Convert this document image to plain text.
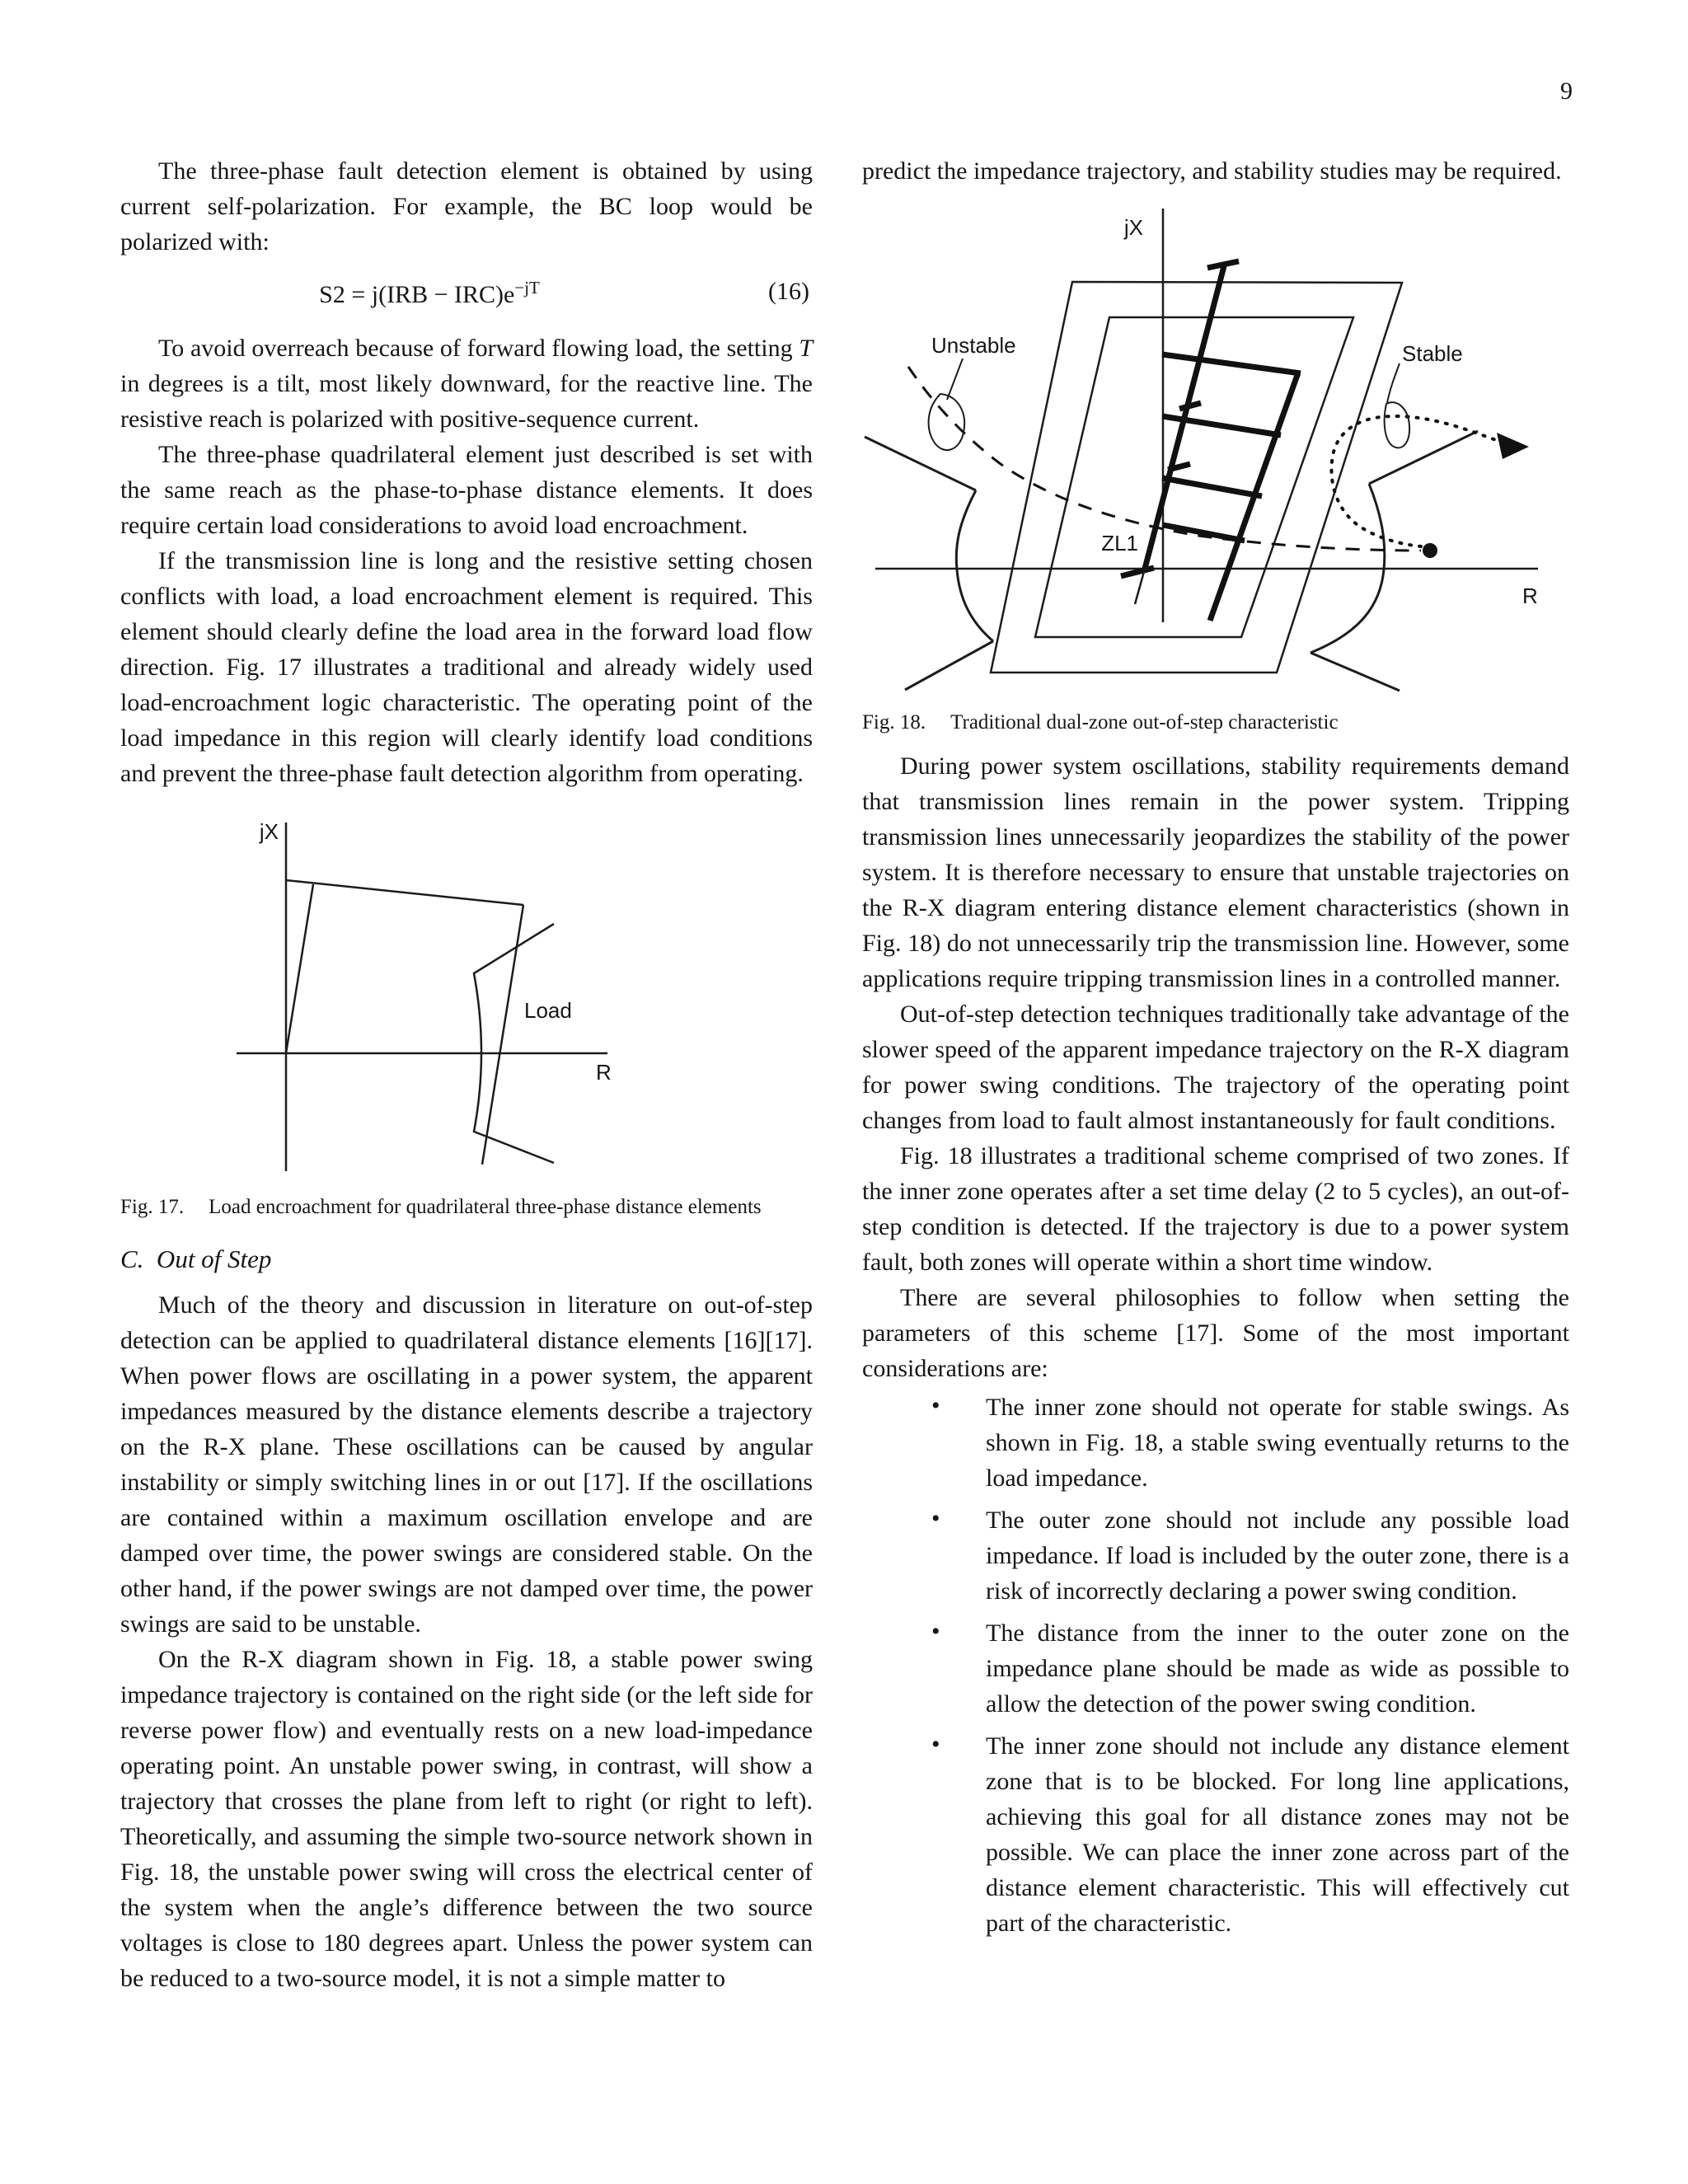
9

The three-phase fault detection element is obtained by using current self-polarization. For example, the BC loop would be polarized with:

$S2 = j(IRB - IRC)e^{-jT}$	(16)

To avoid overreach because of forward flowing load, the setting T in degrees is a tilt, most likely downward, for the reactive line. The resistive reach is polarized with positive-sequence current.

The three-phase quadrilateral element just described is set with the same reach as the phase-to-phase distance elements. It does require certain load considerations to avoid load encroachment.

If the transmission line is long and the resistive setting chosen conflicts with load, a load encroachment element is required. This element should clearly define the load area in the forward load flow direction. Fig. 17 illustrates a traditional and already widely used load-encroachment logic characteristic. The operating point of the load impedance in this region will clearly identify load conditions and prevent the three-phase fault detection algorithm from operating.

jX
R
Load
Fig. 17. Load encroachment for quadrilateral three-phase distance elements
C.  Out of Step

Much of the theory and discussion in literature on out-of-step detection can be applied to quadrilateral distance elements [16][17]. When power flows are oscillating in a power system, the apparent impedances measured by the distance elements describe a trajectory on the R-X plane. These oscillations can be caused by angular instability or simply switching lines in or out [17]. If the oscillations are contained within a maximum oscillation envelope and are damped over time, the power swings are considered stable. On the other hand, if the power swings are not damped over time, the power swings are said to be unstable.

On the R-X diagram shown in Fig. 18, a stable power swing impedance trajectory is contained on the right side (or the left side for reverse power flow) and eventually rests on a new load-impedance operating point. An unstable power swing, in contrast, will show a trajectory that crosses the plane from left to right (or right to left). Theoretically, and assuming the simple two-source network shown in Fig. 18, the unstable power swing will cross the electrical center of the system when the angle’s difference between the two source voltages is close to 180 degrees apart. Unless the power system can be reduced to a two-source model, it is not a simple matter to

predict the impedance trajectory, and stability studies may be required.

jX
R
ZL1
Unstable	Stable
Fig. 18. Traditional dual-zone out-of-step characteristic

During power system oscillations, stability requirements demand that transmission lines remain in the power system. Tripping transmission lines unnecessarily jeopardizes the stability of the power system. It is therefore necessary to ensure that unstable trajectories on the R-X diagram entering distance element characteristics (shown in Fig. 18) do not unnecessarily trip the transmission line. However, some applications require tripping transmission lines in a controlled manner.

Out-of-step detection techniques traditionally take advantage of the slower speed of the apparent impedance trajectory on the R-X diagram for power swing conditions. The trajectory of the operating point changes from load to fault almost instantaneously for fault conditions.

Fig. 18 illustrates a traditional scheme comprised of two zones. If the inner zone operates after a set time delay (2 to 5 cycles), an out-of-step condition is detected. If the trajectory is due to a power system fault, both zones will operate within a short time window.

There are several philosophies to follow when setting the parameters of this scheme [17]. Some of the most important considerations are:

• The inner zone should not operate for stable swings. As shown in Fig. 18, a stable swing eventually returns to the load impedance.
• The outer zone should not include any possible load impedance. If load is included by the outer zone, there is a risk of incorrectly declaring a power swing condition.
• The distance from the inner to the outer zone on the impedance plane should be made as wide as possible to allow the detection of the power swing condition.
• The inner zone should not include any distance element zone that is to be blocked. For long line applications, achieving this goal for all distance zones may not be possible. We can place the inner zone across part of the distance element characteristic. This will effectively cut part of the characteristic.
